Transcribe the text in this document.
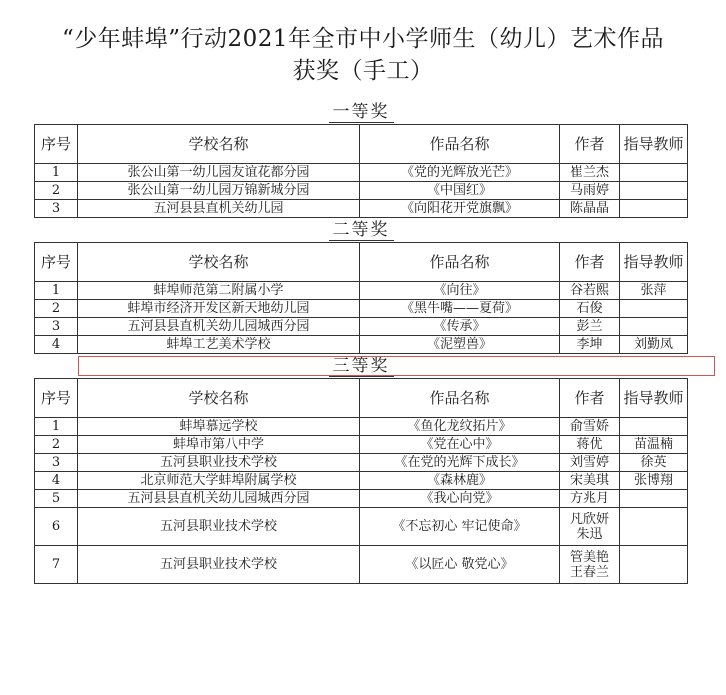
“少年蚌埠”行动2021年全市中小学师生（幼儿）艺术作品
获奖（手工）
一等奖				
序号	学校名称	作品名称	作者	指导教师
1	张公山第一幼儿园友谊花都分园	《党的光辉放光芒》	崔兰杰	
2	张公山第一幼儿园万锦新城分园	《中国红》	马雨婷	
3	五河县县直机关幼儿园	《向阳花开党旗飘》	陈晶晶	
二等奖				
序号	学校名称	作品名称	作者	指导教师
1	蚌埠师范第二附属小学	《向往》	谷若熙	张萍
2	蚌埠市经济开发区新天地幼儿园	《黑牛嘴——夏荷》	石俊	
3	五河县县直机关幼儿园城西分园	《传承》	彭兰	
4	蚌埠工艺美术学校	《泥塑兽》	李坤	刘勤凤
三等奖				
序号	学校名称	作品名称	作者	指导教师
1	蚌埠慕远学校	《鱼化龙纹拓片》	俞雪娇	
2	蚌埠市第八中学	《党在心中》	蒋优	苗温楠
3	五河县职业技术学校	《在党的光辉下成长》	刘雪婷	徐英
4	北京师范大学蚌埠附属学校	《森林鹿》	宋美琪	张博翔
5	五河县县直机关幼儿园城西分园	《我心向党》	方兆月	
6	五河县职业技术学校	《不忘初心 牢记使命》	凡欣妍
朱迅	

7	五河县职业技术学校	《以匠心 敬党心》	管美艳
王春兰	
